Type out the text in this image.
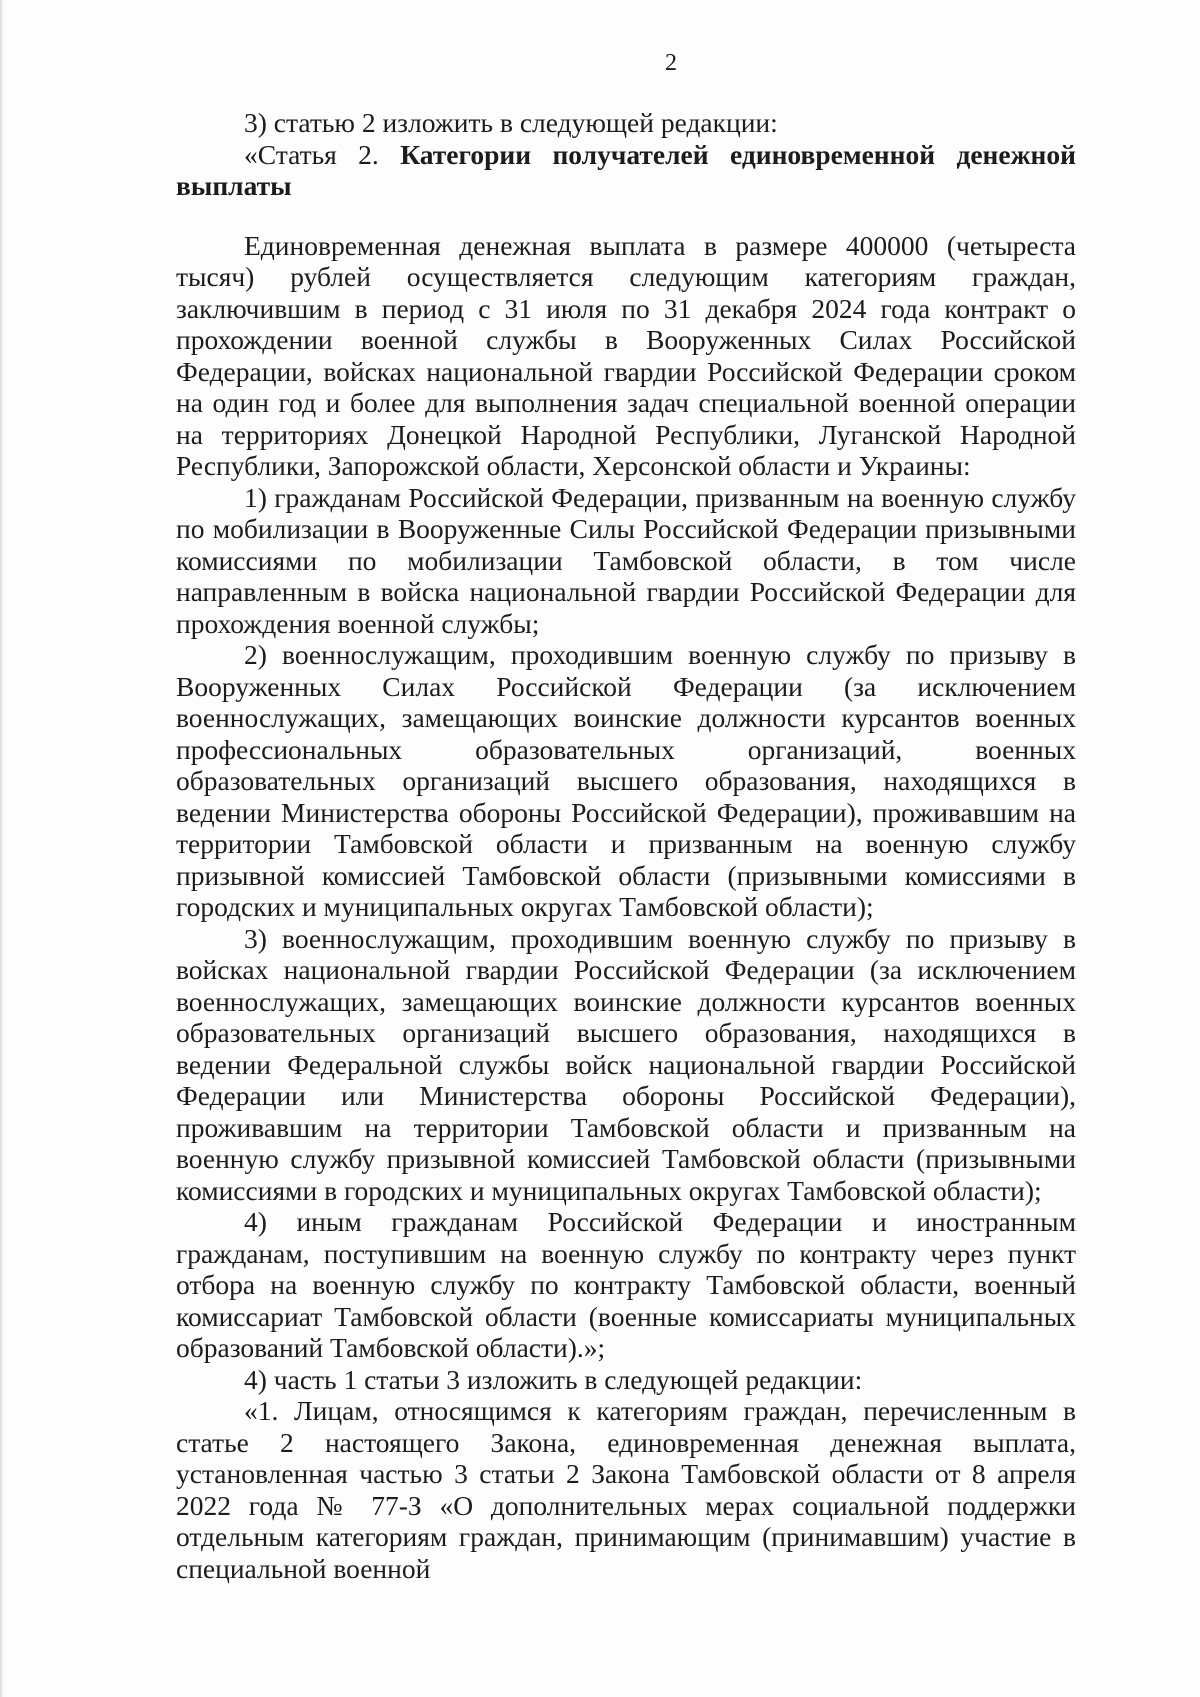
2

3) статью 2 изложить в следующей редакции:

«Статья 2. Категории получателей единовременной денежной выплаты

Единовременная денежная выплата в размере 400000 (четыреста тысяч) рублей осуществляется следующим категориям граждан, заключившим в период с 31 июля по 31 декабря 2024 года контракт о прохождении военной службы в Вооруженных Силах Российской Федерации, войсках национальной гвардии Российской Федерации сроком на один год и более для выполнения задач специальной военной операции на территориях Донецкой Народной Республики, Луганской Народной Республики, Запорожской области, Херсонской области и Украины:

1) гражданам Российской Федерации, призванным на военную службу по мобилизации в Вооруженные Силы Российской Федерации призывными комиссиями по мобилизации Тамбовской области, в том числе направленным в войска национальной гвардии Российской Федерации для прохождения военной службы;

2) военнослужащим, проходившим военную службу по призыву в Вооруженных Силах Российской Федерации (за исключением военнослужащих, замещающих воинские должности курсантов военных профессиональных образовательных организаций, военных образовательных организаций высшего образования, находящихся в ведении Министерства обороны Российской Федерации), проживавшим на территории Тамбовской области и призванным на военную службу призывной комиссией Тамбовской области (призывными комиссиями в городских и муниципальных округах Тамбовской области);

3) военнослужащим, проходившим военную службу по призыву в войсках национальной гвардии Российской Федерации (за исключением военнослужащих, замещающих воинские должности курсантов военных образовательных организаций высшего образования, находящихся в ведении Федеральной службы войск национальной гвардии Российской Федерации или Министерства обороны Российской Федерации), проживавшим на территории Тамбовской области и призванным на военную службу призывной комиссией Тамбовской области (призывными комиссиями в городских и муниципальных округах Тамбовской области);

4) иным гражданам Российской Федерации и иностранным гражданам, поступившим на военную службу по контракту через пункт отбора на военную службу по контракту Тамбовской области, военный комиссариат Тамбовской области (военные комиссариаты муниципальных образований Тамбовской области).»;

4) часть 1 статьи 3 изложить в следующей редакции:

«1. Лицам, относящимся к категориям граждан, перечисленным в статье 2 настоящего Закона, единовременная денежная выплата, установленная частью 3 статьи 2 Закона Тамбовской области от 8 апреля 2022 года № 77-З «О дополнительных мерах социальной поддержки отдельным категориям граждан, принимающим (принимавшим) участие в специальной военной
